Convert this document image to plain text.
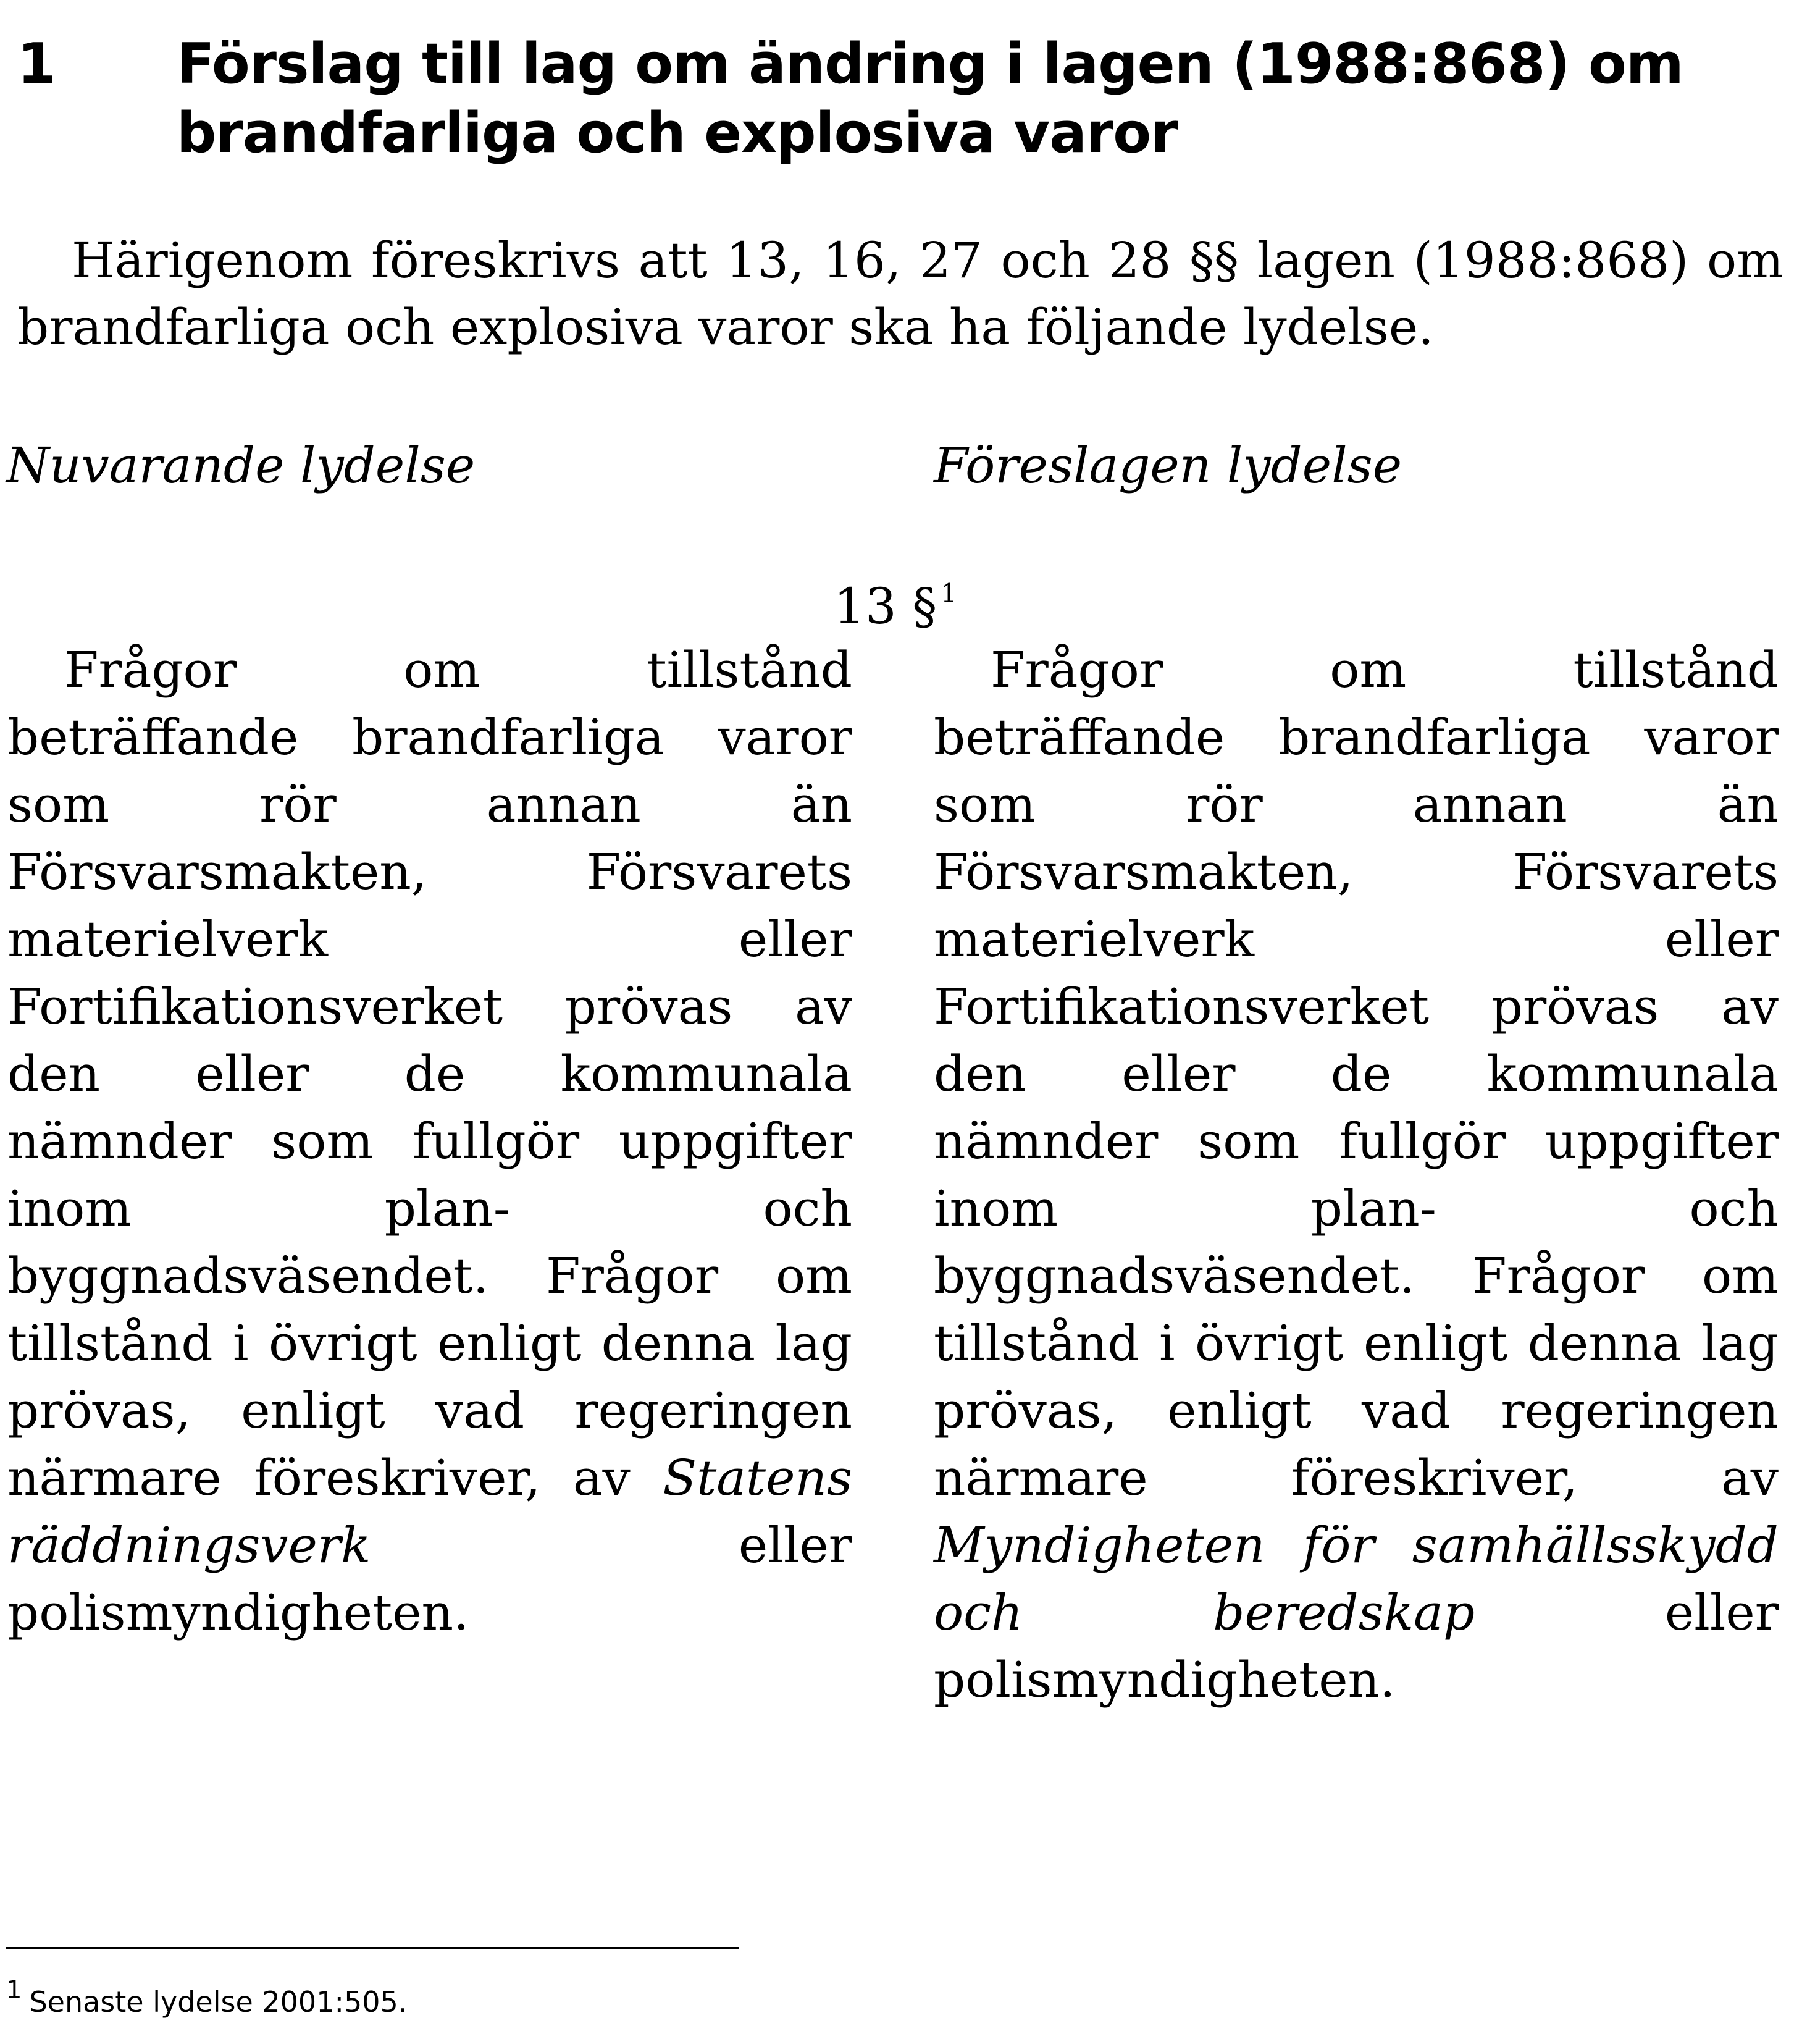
1 Förslag till lag om ändring i lagen (1988:868) om brandfarliga och explosiva varor

Härigenom föreskrivs att 13, 16, 27 och 28 §§ lagen (1988:868) om brandfarliga och explosiva varor ska ha följande lydelse.

Nuvarande lydelse	Föreslagen lydelse

13 § $^1$

Frågor om tillstånd beträffande brandfarliga varor som rör annan än Försvarsmakten, Försvarets materielverk eller Fortifikationsverket prövas av den eller de kommunala nämnder som fullgör uppgifter inom plan- och byggnadsväsendet. Frågor om tillstånd i övrigt enligt denna lag prövas, enligt vad regeringen närmare föreskriver, av Statens räddningsverk eller polismyndigheten.

Frågor om tillstånd beträffande brandfarliga varor som rör annan än Försvarsmakten, Försvarets materielverk eller Fortifikationsverket prövas av den eller de kommunala nämnder som fullgör uppgifter inom plan- och byggnadsväsendet. Frågor om tillstånd i övrigt enligt denna lag prövas, enligt vad regeringen närmare föreskriver, av Myndigheten för samhällsskydd och beredskap eller polismyndigheten.

$^1$ Senaste lydelse 2001:505.
